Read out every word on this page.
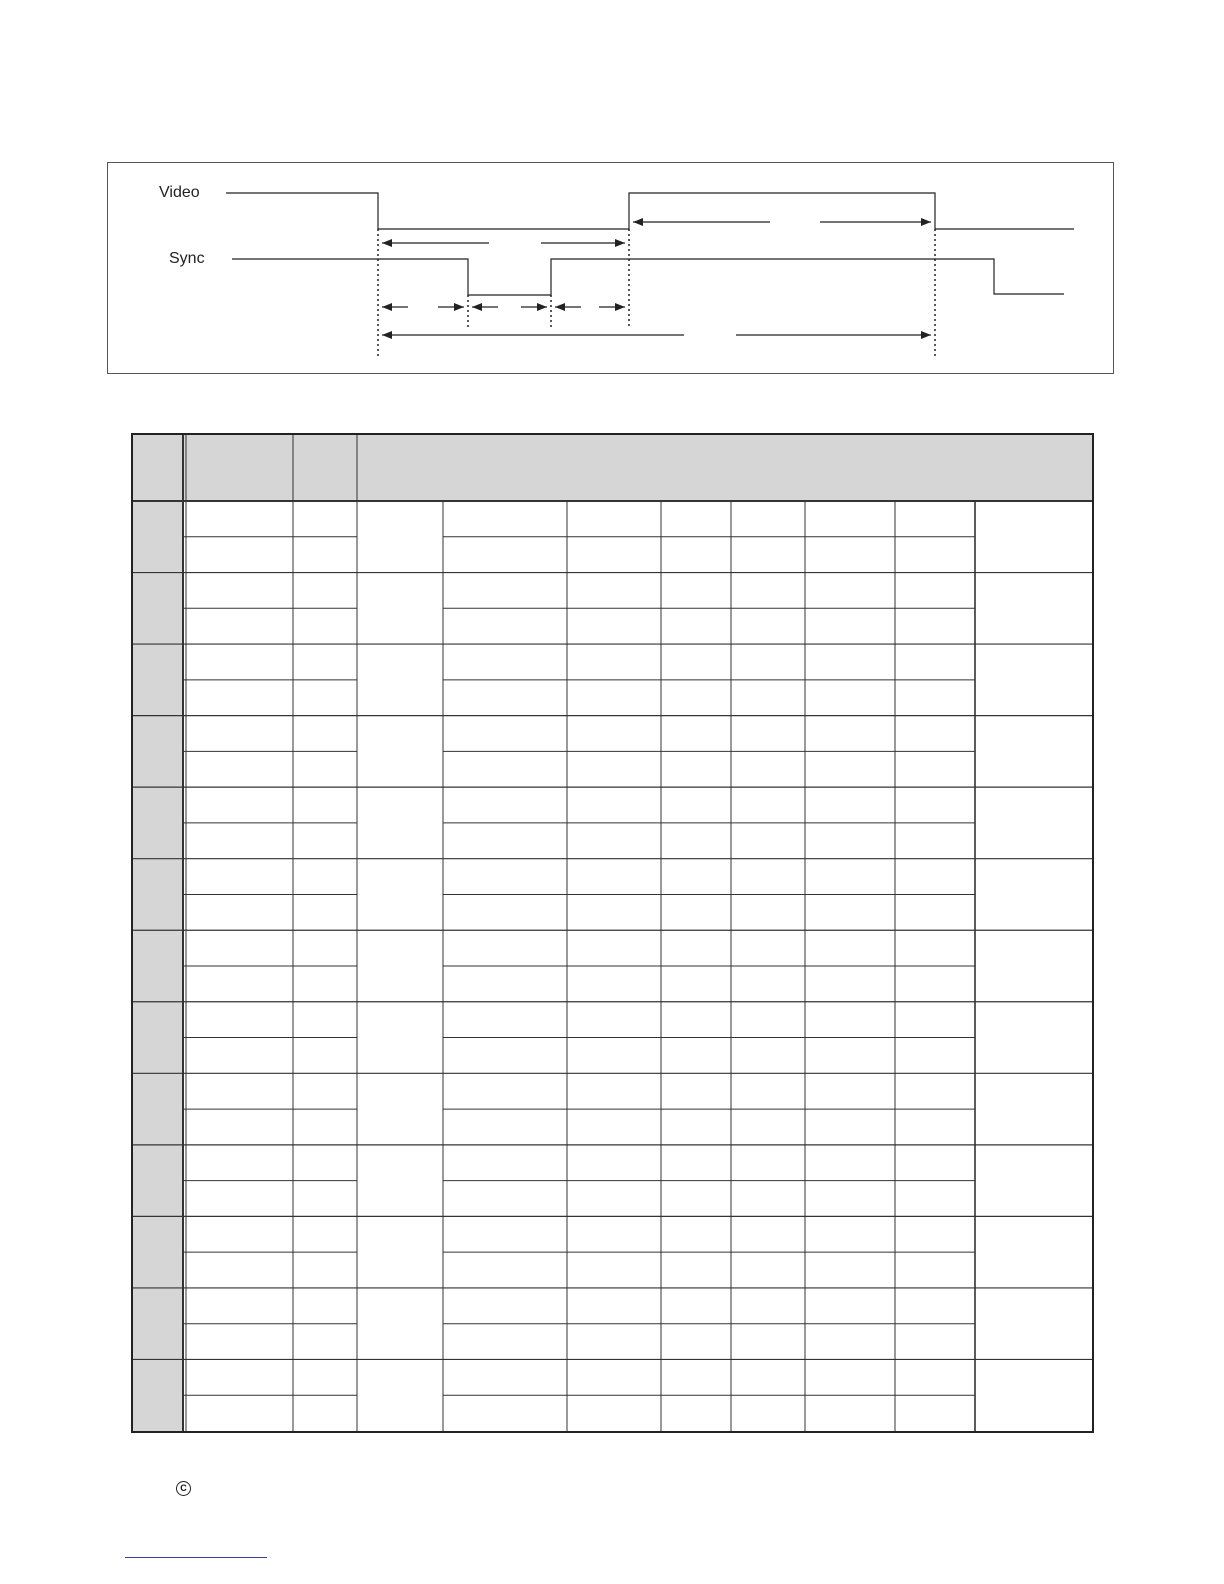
Video
Sync
C
